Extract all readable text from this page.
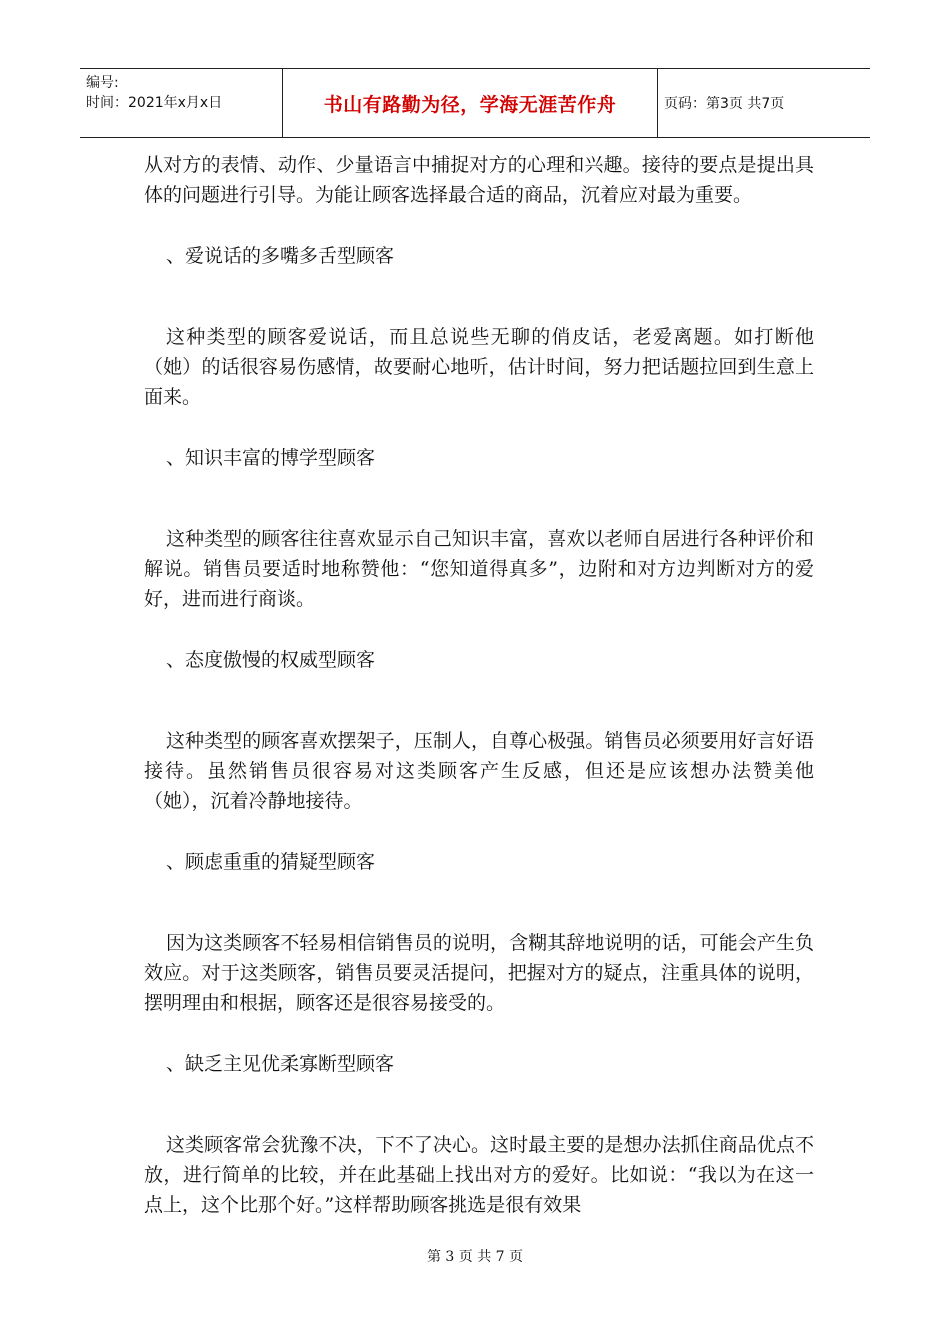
编号:
时间：2021年x月x日	书山有路勤为径，学海无涯苦作舟	页码：第3页 共7页

从对方的表情、动作、少量语言中捕捉对方的心理和兴趣。接待的要点是提出具体的问题进行引导。为能让顾客选择最合适的商品，沉着应对最为重要。

、爱说话的多嘴多舌型顾客

这种类型的顾客爱说话，而且总说些无聊的俏皮话，老爱离题。如打断他（她）的话很容易伤感情，故要耐心地听，估计时间，努力把话题拉回到生意上面来。

、知识丰富的博学型顾客

这种类型的顾客往往喜欢显示自己知识丰富，喜欢以老师自居进行各种评价和解说。销售员要适时地称赞他：“您知道得真多”，边附和对方边判断对方的爱好，进而进行商谈。

、态度傲慢的权威型顾客

这种类型的顾客喜欢摆架子，压制人，自尊心极强。销售员必须要用好言好语接待。虽然销售员很容易对这类顾客产生反感，但还是应该想办法赞美他（她），沉着冷静地接待。

、顾虑重重的猜疑型顾客

因为这类顾客不轻易相信销售员的说明，含糊其辞地说明的话，可能会产生负效应。对于这类顾客，销售员要灵活提问，把握对方的疑点，注重具体的说明，摆明理由和根据，顾客还是很容易接受的。

、缺乏主见优柔寡断型顾客

这类顾客常会犹豫不决，下不了决心。这时最主要的是想办法抓住商品优点不放，进行简单的比较，并在此基础上找出对方的爱好。比如说：“我以为在这一点上，这个比那个好。”这样帮助顾客挑选是很有效果

第 3 页 共 7 页
